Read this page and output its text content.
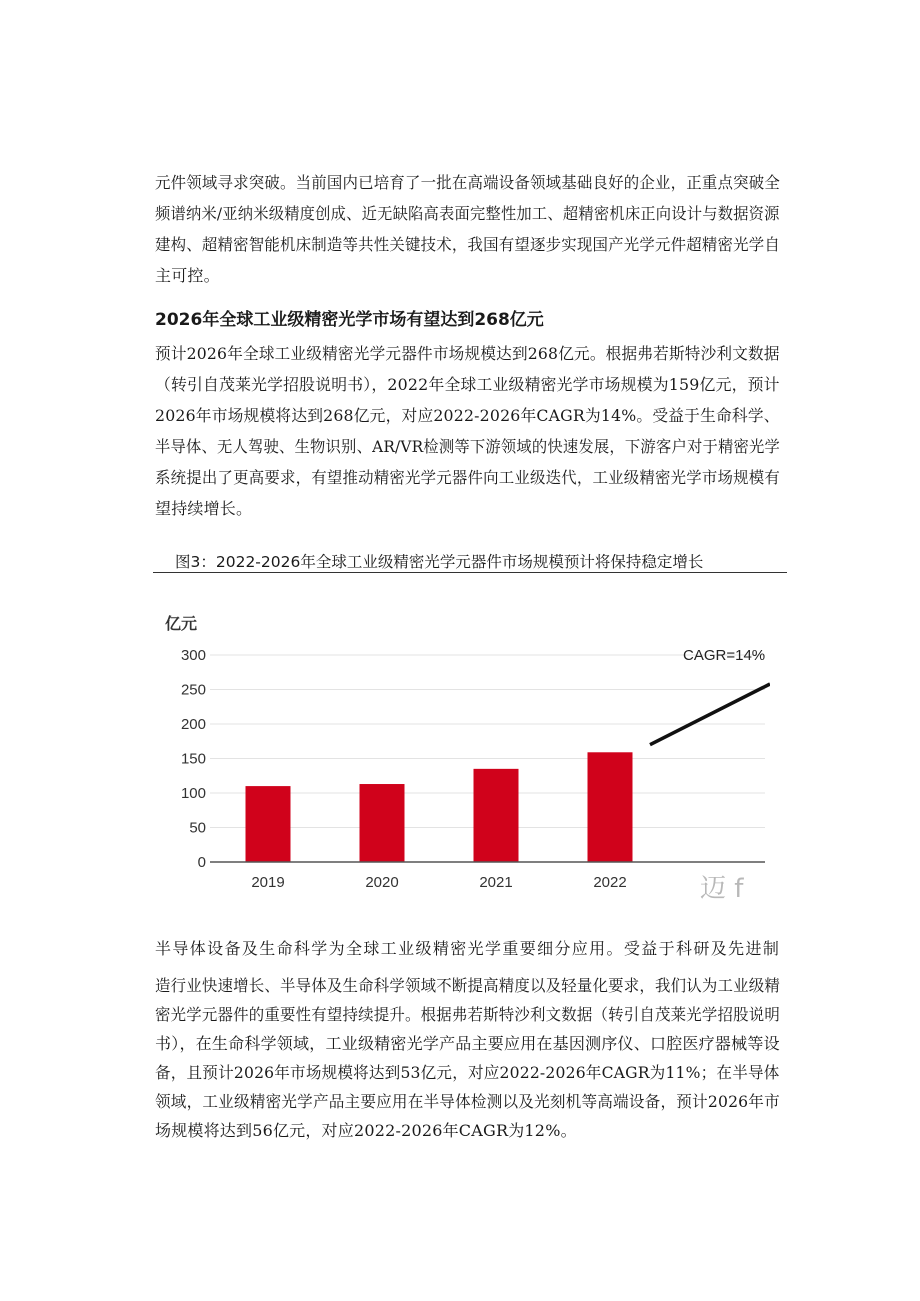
元件领域寻求突破。当前国内已培育了一批在高端设备领域基础良好的企业，正重点突破全
频谱纳米/亚纳米级精度创成、近无缺陷高表面完整性加工、超精密机床正向设计与数据资源
建构、超精密智能机床制造等共性关键技术，我国有望逐步实现国产光学元件超精密光学自
主可控。
2026年全球工业级精密光学市场有望达到268亿元
预计2026年全球工业级精密光学元器件市场规模达到268亿元。根据弗若斯特沙利文数据
（转引自茂莱光学招股说明书），2022年全球工业级精密光学市场规模为159亿元，预计
2026年市场规模将达到268亿元，对应2022-2026年CAGR为14%。受益于生命科学、
半导体、无人驾驶、生物识别、AR/VR检测等下游领域的快速发展，下游客户对于精密光学
系统提出了更高要求，有望推动精密光学元器件向工业级迭代，工业级精密光学市场规模有
望持续增长。
图3：2022-2026年全球工业级精密光学元器件市场规模预计将保持稳定增长
亿元
0
50
100
150
200
250
300
2019	2020	2021	2022
CAGR=14%
迈 f
半导体设备及生命科学为全球工业级精密光学重要细分应用。受益于科研及先进制
造行业快速增长、半导体及生命科学领域不断提高精度以及轻量化要求，我们认为工业级精
密光学元器件的重要性有望持续提升。根据弗若斯特沙利文数据（转引自茂莱光学招股说明
书），在生命科学领域，工业级精密光学产品主要应用在基因测序仪、口腔医疗器械等设
备，且预计2026年市场规模将达到53亿元，对应2022-2026年CAGR为11%；在半导体
领域，工业级精密光学产品主要应用在半导体检测以及光刻机等高端设备，预计2026年市
场规模将达到56亿元，对应2022-2026年CAGR为12%。
